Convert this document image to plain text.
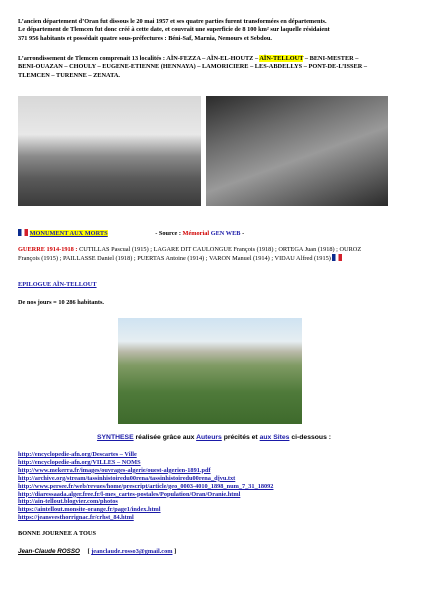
L’ancien département d’Oran fut dissous le 20 mai 1957 et ses quatre parties furent transformées en départements.
Le département de Tlemcen fut donc créé à cette date, et couvrait une superficie de 8 100 km² sur laquelle résidaient
371 956 habitants et possédait quatre sous-préfectures : Béni-Saf, Marnia, Nemours et Sebdou.
L’arrondissement de Tlemcen comprenait 13 localités : AÏN-FEZZA – AÏN-EL-HOUTZ – AÏN-TELLOUT – BENI-MESTER –
BENI-OUAZAN – CHOULY – EUGENE-ETIENNE (HENNAYA) – LAMORICIERE – LES-ABDELLYS – PONT-DE-L’ISSER –
TLEMCEN – TURENNE – ZENATA.
MONUMENT AUX MORTS	- Source : Mémorial GEN WEB -
GUERRE 1914-1918 : CUTILLAS Pascual (1915) ; LAGARE DIT CAULONGUE François (1918) ; ORTEGA Juan (1918) ; OUROZ
François (1915) ; PAILLASSE Daniel (1918) ; PUERTAS Antoine (1914) ; VARON Manuel (1914) ; VIDAU Alfred (1915)
EPILOGUE AÏN-TELLOUT
De nos jours = 10 286 habitants.
SYNTHESE réalisée grâce aux Auteurs précités et aux Sites ci-dessous :
http://encyclopedie-afn.org/Descartes – Ville
http://encyclopedie-afn.org/VILLES – NOMS
http://www.mekerra.fr/images/ouvrages-algerie/ouest-algerien-1891.pdf
http://archive.org/stream/tassinhistoiredu00rena/tassinhistoiredu00rena_djvu.txt
http://www.persee.fr/web/revues/home/prescript/article/geo_0003-4010_1898_num_7_31_18092
http://diaressaada.alger.free.fr/l-mes_cartes-postales/Population/Oran/Oranie.html
http://ain-tellout.blogvier.com/photos
https://aintellout.monsite-orange.fr/page1/index.html
https://jeansvesthorrignac.fr/crhst_84.html
BONNE JOURNEE A TOUS
Jean-Claude ROSSO [ jeanclaude.rosso3@gmail.com ]
